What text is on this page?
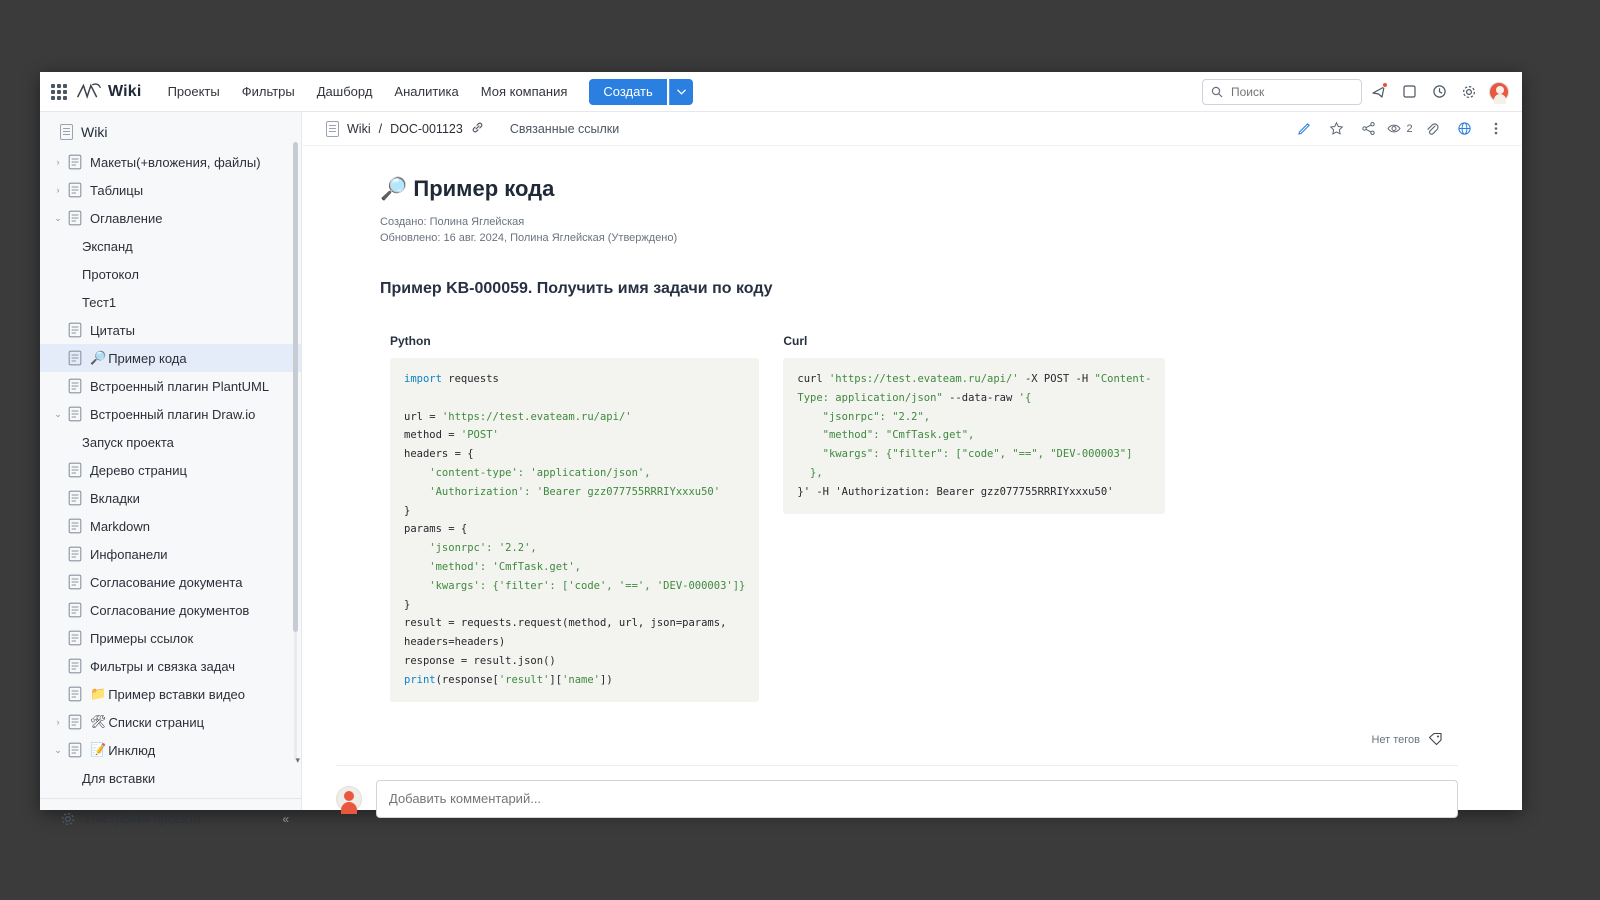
Wiki	Проекты	Фильтры	Дашборд	Аналитика	Моя компания	Создать
Поиск
Wiki
›	Макеты(+вложения, файлы)
›	Таблицы
⌄	Оглавление
Экспанд
Протокол
Тест1
Цитаты
🔎 Пример кода
Встроенный плагин PlantUML
⌄	Встроенный плагин Draw.io
Запуск проекта
Дерево страниц
Вкладки
Markdown
Инфопанели
Согласование документа
Согласование документов
Примеры ссылок
Фильтры и связка задач
📁 Пример вставки видео
›	🛠 Списки страниц
⌄	📝 Инклюд
Для вставки
▾
Настройки проекта	«
Wiki / DOC-001123	Связанные ссылки	2
🔎 Пример кода
Создано: Полина Яглейская
Обновлено: 16 авг. 2024, Полина Яглейская (Утверждено)
Пример KB-000059. Получить имя задачи по коду
Python
import requests

url = 'https://test.evateam.ru/api/'
method = 'POST'
headers = {
'content-type': 'application/json',
'Authorization': 'Bearer gzz077755RRRIYxxxu50'
}
params = {
'jsonrpc': '2.2',
'method': 'CmfTask.get',
'kwargs': {'filter': ['code', '==', 'DEV-000003']}
}
result = requests.request(method, url, json=params,
headers=headers)
response = result.json()
print(response['result']['name'])
Curl
curl 'https://test.evateam.ru/api/' -X POST -H "Content-
Type: application/json" --data-raw '{
"jsonrpc": "2.2",
"method": "CmfTask.get",
"kwargs": {"filter": ["code", "==", "DEV-000003"]
},
}' -H 'Authorization: Bearer gzz077755RRRIYxxxu50'
Нет тегов
Добавить комментарий...
